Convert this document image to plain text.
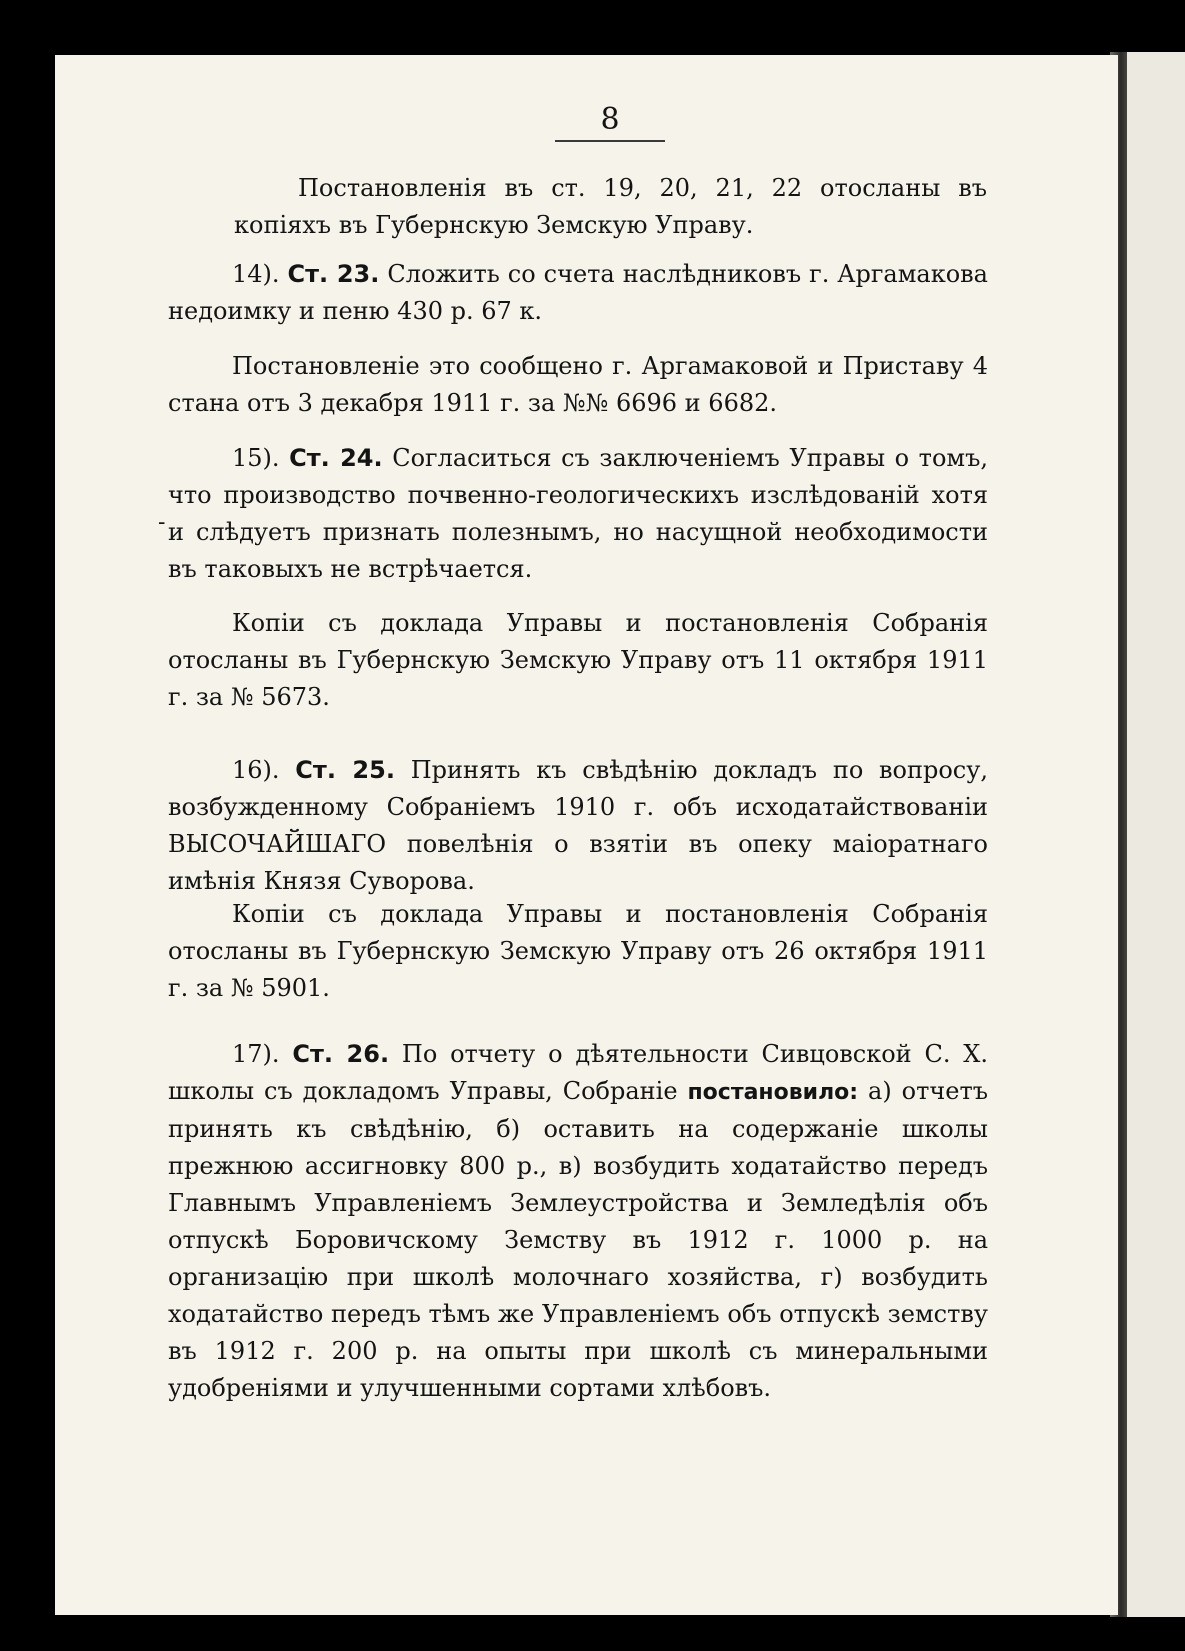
8

Постановленія въ ст. 19, 20, 21, 22 отосланы въ копіяхъ въ Губернскую Земскую Управу.

14). Ст. 23. Сложить со счета наслѣдниковъ г. Аргамакова недоимку и пеню 430 р. 67 к.

Постановленіе это сообщено г. Аргамаковой и Приставу 4 стана отъ 3 декабря 1911 г. за №№ 6696 и 6682.

15). Ст. 24. Согласиться съ заключеніемъ Управы о томъ, что производство почвенно-геологическихъ изслѣдованій хотя и слѣдуетъ признать полезнымъ, но насущной необходимости въ таковыхъ не встрѣчается.

-

Копіи съ доклада Управы и постановленія Собранія отосланы въ Губернскую Земскую Управу отъ 11 октября 1911 г. за № 5673.

16). Ст. 25. Принять къ свѣдѣнію докладъ по вопросу, возбужденному Собраніемъ 1910 г. объ исходатайствованіи ВЫСОЧАЙШАГО повелѣнія о взятіи въ опеку маіоратнаго имѣнія Князя Суворова.

Копіи съ доклада Управы и постановленія Собранія отосланы въ Губернскую Земскую Управу отъ 26 октября 1911 г. за № 5901.

17). Ст. 26. По отчету о дѣятельности Сивцовской С. Х. школы съ докладомъ Управы, Собраніе постановило: а) отчетъ принять къ свѣдѣнію, б) оставить на содержаніе школы прежнюю ассигновку 800 р., в) возбудить ходатайство передъ Главнымъ Управленіемъ Землеустройства и Земледѣлія объ отпускѣ Боровичскому Земству въ 1912 г. 1000 р. на организацію при школѣ молочнаго хозяйства, г) возбудить ходатайство передъ тѣмъ же Управленіемъ объ отпускѣ земству въ 1912 г. 200 р. на опыты при школѣ съ минеральными удобреніями и улучшенными сортами хлѣбовъ.
